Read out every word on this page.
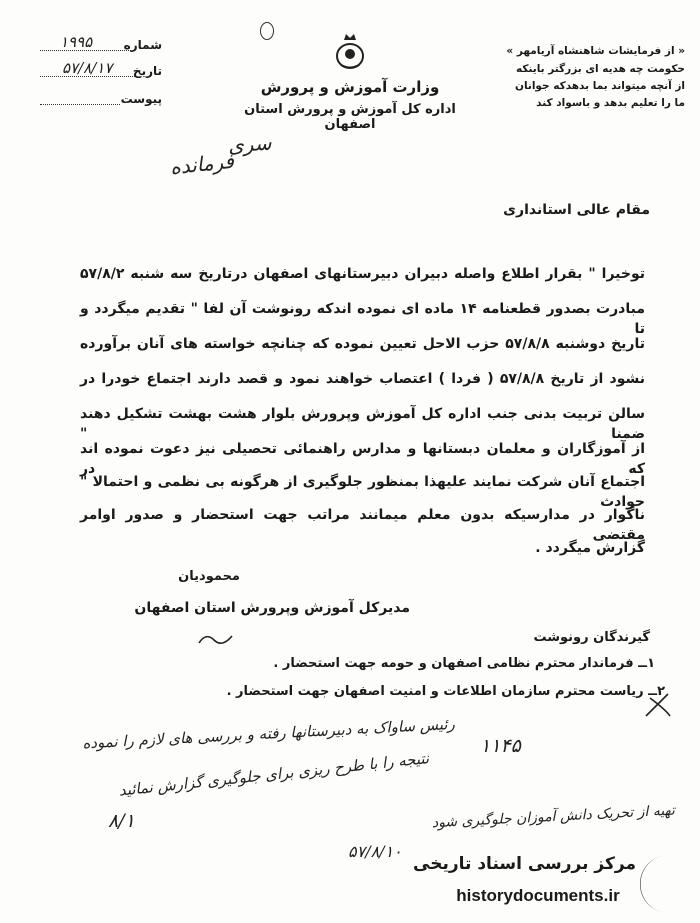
شماره
۱۹۹۵
تاریخ
۵۷/۸/۱۷
پیوست
« از فرمایشات شاهنشاه آریامهر »
حکومت چه هدیه ای بزرگتر باینکه
از آنچه میتواند بما بدهدکه جوانان
ما را تعلیم بدهد و باسواد کند
وزارت آموزش و پرورش
اداره کل آموزش و پرورش استان اصفهان
سری
فرمانده
مقام عالی استانداری
توخیرا " بقرار اطلاع واصله دبیران دبیرستانهای اصفهان درتاریخ سه شنبه ۵۷/۸/۲
مبادرت بصدور قطعنامه ۱۴ ماده ای نموده اندکه رونوشت آن لفا " تقدیم میگردد و تا
تاریخ دوشنبه ۵۷/۸/۸ حزب الاحل تعیین نموده که چنانچه خواسته های آنان برآورده
نشود از تاریخ ۵۷/۸/۸ ( فردا ) اعتصاب خواهند نمود و قصد دارند اجتماع خودرا در
سالن تربیت بدنی جنب اداره کل آموزش وپرورش بلوار هشت بهشت تشکیل دهند ضمنا "
از آموزگاران و معلمان دبستانها و مدارس راهنمائی تحصیلی نیز دعوت نموده اند که در
اجتماع آنان شرکت نمایند علیهذا بمنظور جلوگیری از هرگونه بی نظمی و احتمالا " حوادث
ناگوار در مدارسیکه بدون معلم میمانند مراتب جهت استحضار و صدور اوامر مقتضی
گزارش میگردد .
محمودیان
مدیرکل آموزش وپرورش استان اصفهان
گیرندگان رونوشت
۱ــ فرماندار محترم نظامی اصفهان و حومه جهت استحضار .
۲ــ ریاست محترم سازمان اطلاعات و امنیت اصفهان جهت استحضار .
۱۱۴۵
رئیس ساواک به دبیرستانها رفته و بررسی های لازم را نموده
نتیجه را با طرح ریزی برای جلوگیری گزارش نمائید
۸/۱	تهیه از تحریک دانش آموزان جلوگیری شود
۵۷/۸/۱۰
مرکز بررسی اسناد تاریخی
historydocuments.ir
